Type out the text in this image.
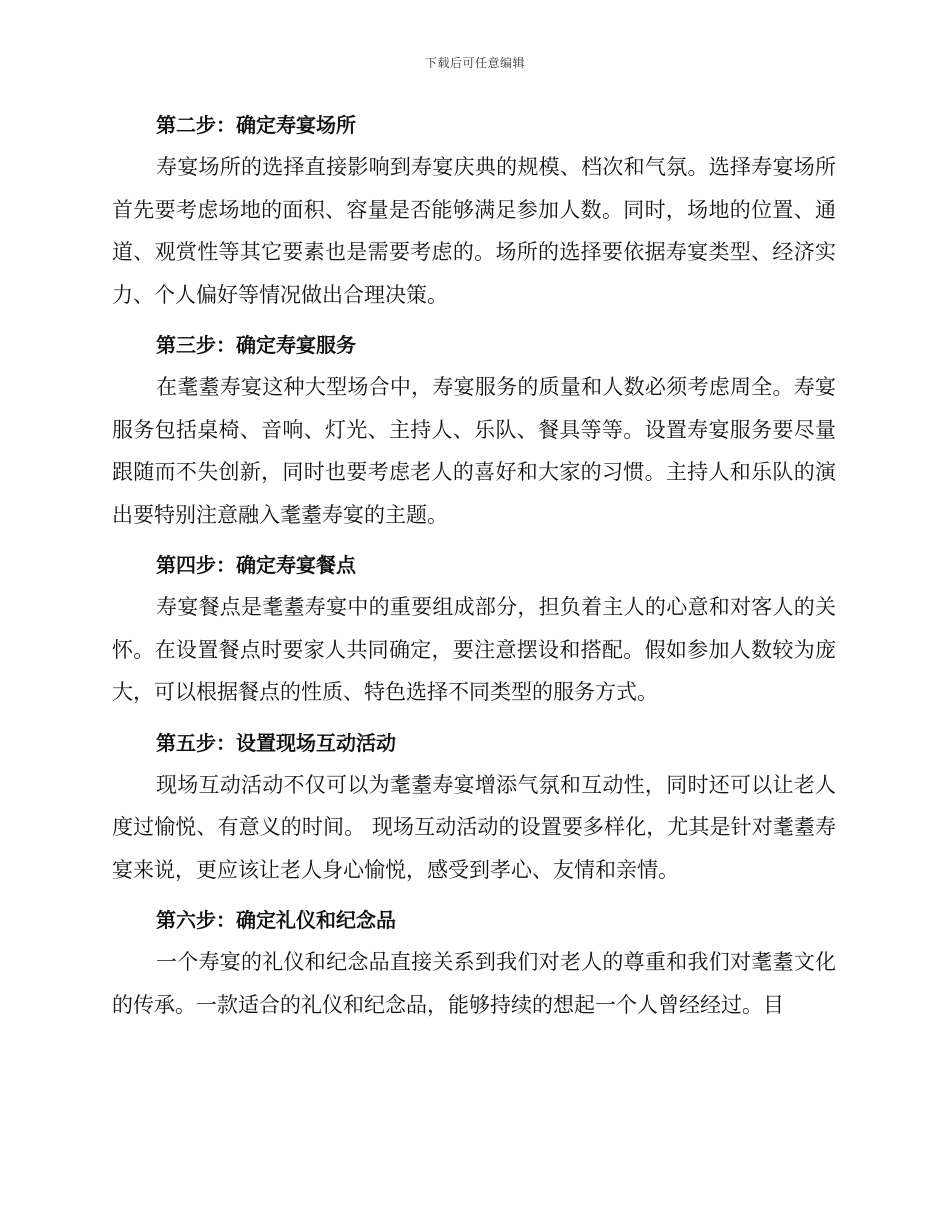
下载后可任意编辑

第二步：确定寿宴场所

寿宴场所的选择直接影响到寿宴庆典的规模、档次和气氛。选择寿宴场所首先要考虑场地的面积、容量是否能够满足参加人数。同时，场地的位置、通道、观赏性等其它要素也是需要考虑的。场所的选择要依据寿宴类型、经济实力、个人偏好等情况做出合理决策。

第三步：确定寿宴服务

在耄耋寿宴这种大型场合中，寿宴服务的质量和人数必须考虑周全。寿宴服务包括桌椅、音响、灯光、主持人、乐队、餐具等等。设置寿宴服务要尽量跟随而不失创新，同时也要考虑老人的喜好和大家的习惯。主持人和乐队的演出要特别注意融入耄耋寿宴的主题。

第四步：确定寿宴餐点

寿宴餐点是耄耋寿宴中的重要组成部分，担负着主人的心意和对客人的关怀。在设置餐点时要家人共同确定，要注意摆设和搭配。假如参加人数较为庞大，可以根据餐点的性质、特色选择不同类型的服务方式。

第五步：设置现场互动活动

现场互动活动不仅可以为耄耋寿宴增添气氛和互动性，同时还可以让老人度过愉悦、有意义的时间。 现场互动活动的设置要多样化，尤其是针对耄耋寿宴来说，更应该让老人身心愉悦，感受到孝心、友情和亲情。

第六步：确定礼仪和纪念品

一个寿宴的礼仪和纪念品直接关系到我们对老人的尊重和我们对耄耋文化的传承。一款适合的礼仪和纪念品，能够持续的想起一个人曾经经过。目
